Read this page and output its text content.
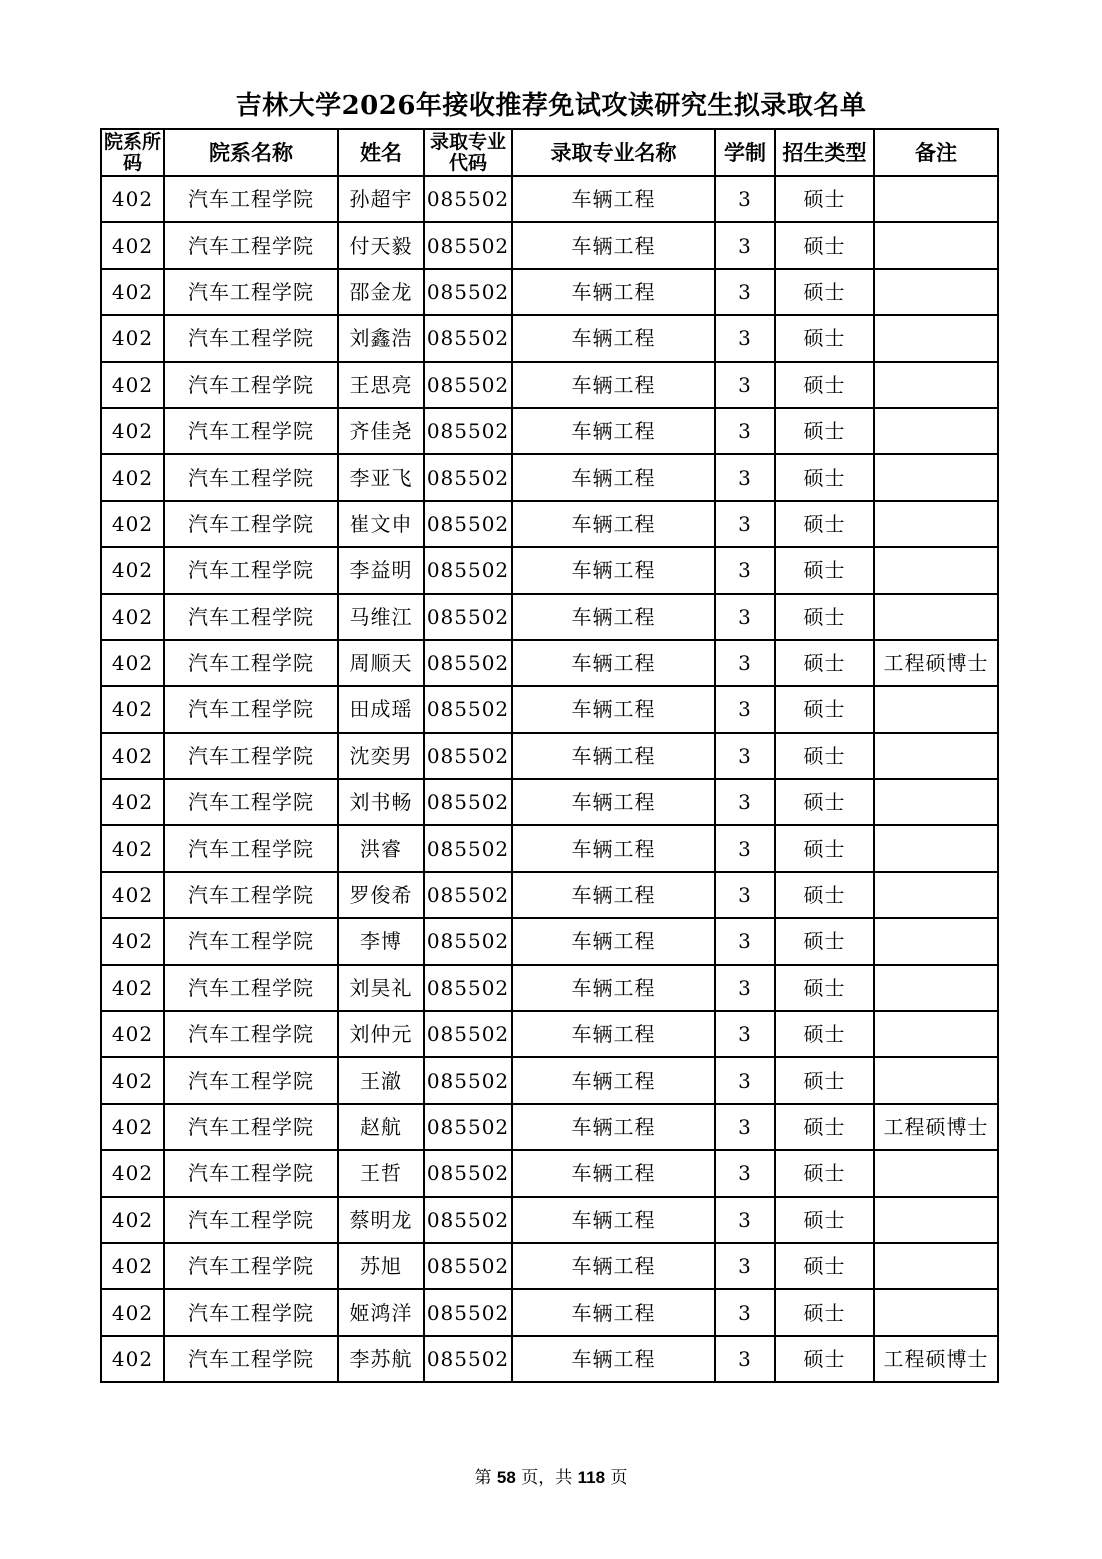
吉林大学2026年接收推荐免试攻读研究生拟录取名单
院系所码	院系名称	姓名	录取专业代码	录取专业名称	学制	招生类型	备注
402	汽车工程学院	孙超宇	085502	车辆工程	3	硕士	
402	汽车工程学院	付天毅	085502	车辆工程	3	硕士	
402	汽车工程学院	邵金龙	085502	车辆工程	3	硕士	
402	汽车工程学院	刘鑫浩	085502	车辆工程	3	硕士	
402	汽车工程学院	王思亮	085502	车辆工程	3	硕士	
402	汽车工程学院	齐佳尧	085502	车辆工程	3	硕士	
402	汽车工程学院	李亚飞	085502	车辆工程	3	硕士	
402	汽车工程学院	崔文申	085502	车辆工程	3	硕士	
402	汽车工程学院	李益明	085502	车辆工程	3	硕士	
402	汽车工程学院	马维江	085502	车辆工程	3	硕士	
402	汽车工程学院	周顺天	085502	车辆工程	3	硕士	工程硕博士
402	汽车工程学院	田成瑶	085502	车辆工程	3	硕士	
402	汽车工程学院	沈奕男	085502	车辆工程	3	硕士	
402	汽车工程学院	刘书畅	085502	车辆工程	3	硕士	
402	汽车工程学院	洪睿	085502	车辆工程	3	硕士	
402	汽车工程学院	罗俊希	085502	车辆工程	3	硕士	
402	汽车工程学院	李博	085502	车辆工程	3	硕士	
402	汽车工程学院	刘昊礼	085502	车辆工程	3	硕士	
402	汽车工程学院	刘仲元	085502	车辆工程	3	硕士	
402	汽车工程学院	王澈	085502	车辆工程	3	硕士	
402	汽车工程学院	赵航	085502	车辆工程	3	硕士	工程硕博士
402	汽车工程学院	王哲	085502	车辆工程	3	硕士	
402	汽车工程学院	蔡明龙	085502	车辆工程	3	硕士	
402	汽车工程学院	苏旭	085502	车辆工程	3	硕士	
402	汽车工程学院	姬鸿洋	085502	车辆工程	3	硕士	
402	汽车工程学院	李苏航	085502	车辆工程	3	硕士	工程硕博士
第 58 页，共 118 页
